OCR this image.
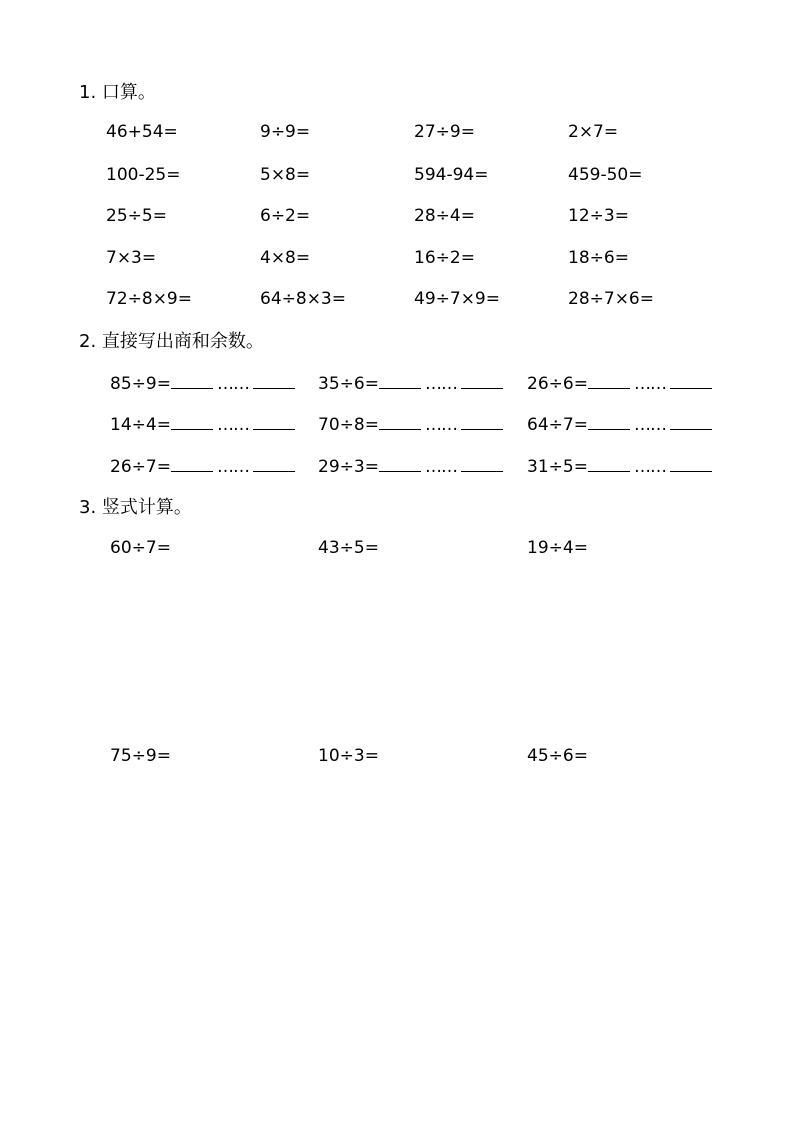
1. 口算。
46+54=	9÷9=	27÷9=	2×7=
100-25=	5×8=	594-94=	459-50=
25÷5=	6÷2=	28÷4=	12÷3=
7×3=	4×8=	16÷2=	18÷6=
72÷8×9=	64÷8×3=	49÷7×9=	28÷7×6=
2. 直接写出商和余数。
85÷9=	……	35÷6=	……	26÷6=	……
14÷4=	……	70÷8=	……	64÷7=	……
26÷7=	……	29÷3=	……	31÷5=	……
3. 竖式计算。
60÷7=	43÷5=	19÷4=
75÷9=	10÷3=	45÷6=
